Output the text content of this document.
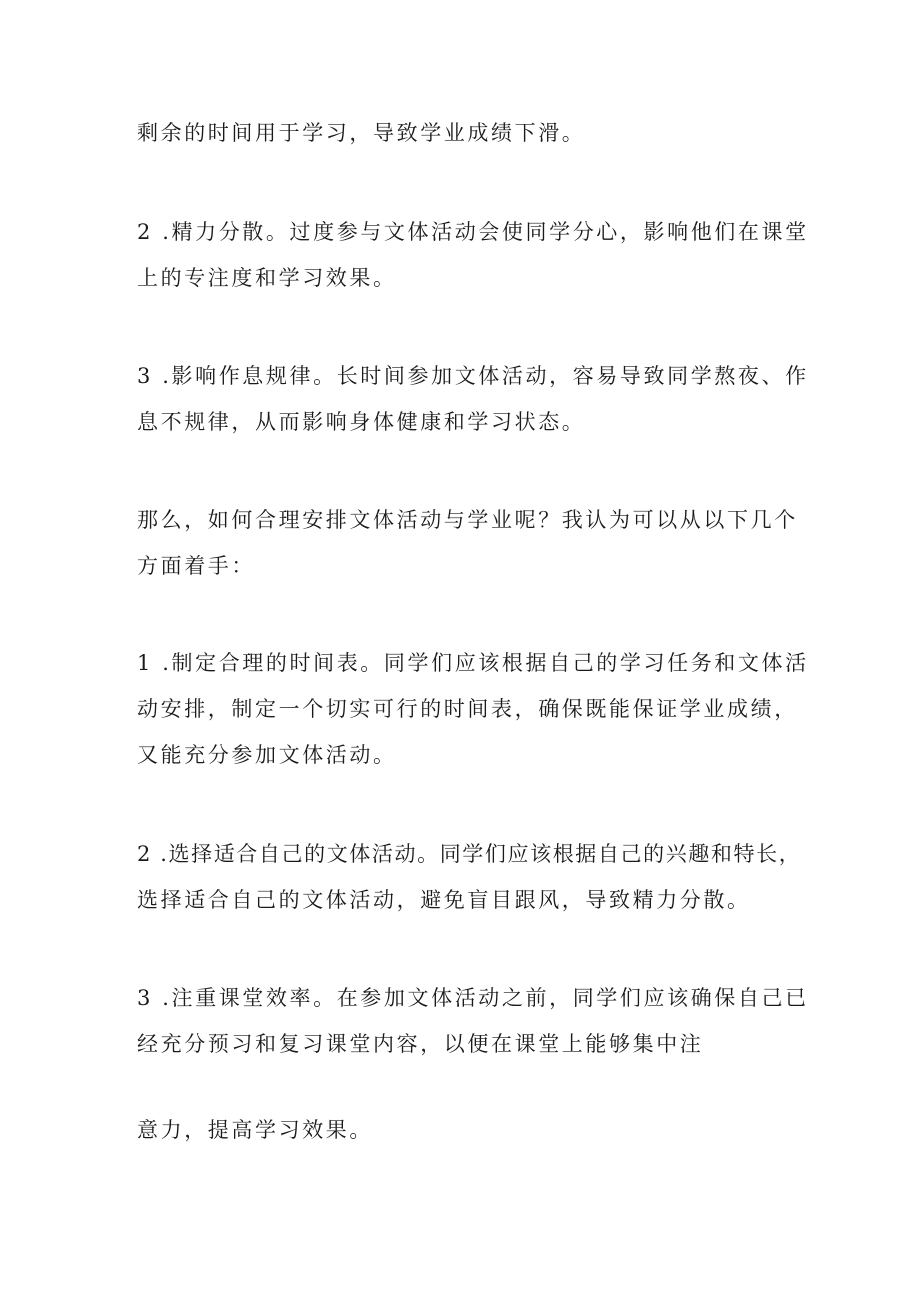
剩余的时间用于学习，导致学业成绩下滑。
2 .精力分散。过度参与文体活动会使同学分心，影响他们在课堂
上的专注度和学习效果。
3 .影响作息规律。长时间参加文体活动，容易导致同学熬夜、作
息不规律，从而影响身体健康和学习状态。
那么，如何合理安排文体活动与学业呢？我认为可以从以下几个
方面着手：
1 .制定合理的时间表。同学们应该根据自己的学习任务和文体活
动安排，制定一个切实可行的时间表，确保既能保证学业成绩，
又能充分参加文体活动。
2 .选择适合自己的文体活动。同学们应该根据自己的兴趣和特长，
选择适合自己的文体活动，避免盲目跟风，导致精力分散。
3 .注重课堂效率。在参加文体活动之前，同学们应该确保自己已
经充分预习和复习课堂内容，以便在课堂上能够集中注
意力，提高学习效果。
